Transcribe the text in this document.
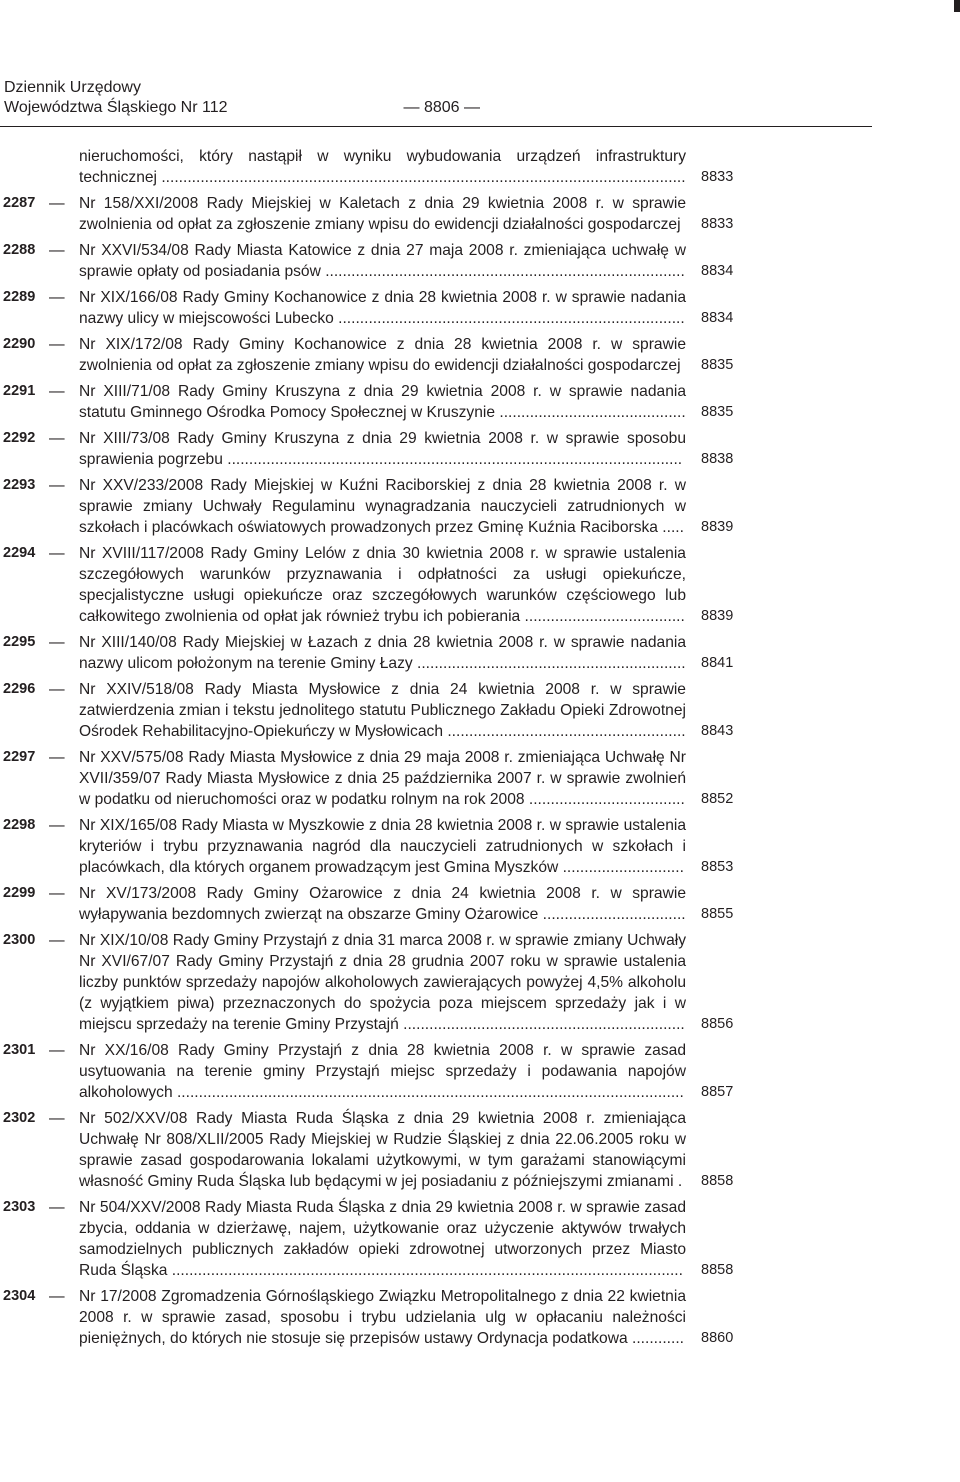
Dziennik Urzędowy
Województwa Śląskiego Nr 112	— 8806 —
nieruchomości, który nastąpił w wyniku wybudowania urządzeń infrastruktury technicznej ......................................................................................................................... 8833
2287 — Nr 158/XXI/2008 Rady Miejskiej w Kaletach z dnia 29 kwietnia 2008 r. w sprawie zwolnienia od opłat za zgłoszenie zmiany wpisu do ewidencji działalności gospodarczej	8833
2288 — Nr XXVI/534/08 Rady Miasta Katowice z dnia 27 maja 2008 r. zmieniająca uchwałę w sprawie opłaty od posiadania psów ................................................................................... 8834
2289 — Nr XIX/166/08 Rady Gminy Kochanowice z dnia 28 kwietnia 2008 r. w sprawie nadania nazwy ulicy w miejscowości Lubecko ................................................................................ 8834
2290 — Nr XIX/172/08 Rady Gminy Kochanowice z dnia 28 kwietnia 2008 r. w sprawie zwolnienia od opłat za zgłoszenie zmiany wpisu do ewidencji działalności gospodarczej	8835
2291 — Nr XIII/71/08 Rady Gminy Kruszyna z dnia 29 kwietnia 2008 r. w sprawie nadania statutu Gminnego Ośrodka Pomocy Społecznej w Kruszynie ........................................... 8835
2292 — Nr XIII/73/08 Rady Gminy Kruszyna z dnia 29 kwietnia 2008 r. w sprawie sposobu sprawienia pogrzebu ......................................................................................................... 8838
2293 — Nr XXV/233/2008 Rady Miejskiej w Kuźni Raciborskiej z dnia 28 kwietnia 2008 r. w sprawie zmiany Uchwały Regulaminu wynagradzania nauczycieli zatrudnionych w szkołach i placówkach oświatowych prowadzonych przez Gminę Kuźnia Raciborska ..... 8839
2294 — Nr XVIII/117/2008 Rady Gminy Lelów z dnia 30 kwietnia 2008 r. w sprawie ustalenia szczegółowych warunków przyznawania i odpłatności za usługi opiekuńcze, specjalistyczne usługi opiekuńcze oraz szczegółowych warunków częściowego lub całkowitego zwolnienia od opłat jak również trybu ich pobierania ..................................... 8839
2295 — Nr XIII/140/08 Rady Miejskiej w Łazach z dnia 28 kwietnia 2008 r. w sprawie nadania nazwy ulicom położonym na terenie Gminy Łazy .............................................................. 8841
2296 — Nr XXIV/518/08 Rady Miasta Mysłowice z dnia 24 kwietnia 2008 r. w sprawie zatwierdzenia zmian i tekstu jednolitego statutu Publicznego Zakładu Opieki Zdrowotnej Ośrodek Rehabilitacyjno-Opiekuńczy w Mysłowicach ....................................................... 8843
2297 — Nr XXV/575/08 Rady Miasta Mysłowice z dnia 29 maja 2008 r. zmieniająca Uchwałę Nr XVII/359/07 Rady Miasta Mysłowice z dnia 25 października 2007 r. w sprawie zwolnień w podatku od nieruchomości oraz w podatku rolnym na rok 2008 .................................... 8852
2298 — Nr XIX/165/08 Rady Miasta w Myszkowie z dnia 28 kwietnia 2008 r. w sprawie ustalenia kryteriów i trybu przyznawania nagród dla nauczycieli zatrudnionych w szkołach i placówkach, dla których organem prowadzącym jest Gmina Myszków ............................ 8853
2299 — Nr XV/173/2008 Rady Gminy Ożarowice z dnia 24 kwietnia 2008 r. w sprawie wyłapywania bezdomnych zwierząt na obszarze Gminy Ożarowice ................................. 8855
2300 — Nr XIX/10/08 Rady Gminy Przystajń z dnia 31 marca 2008 r. w sprawie zmiany Uchwały Nr XVI/67/07 Rady Gminy Przystajń z dnia 28 grudnia 2007 roku w sprawie ustalenia liczby punktów sprzedaży napojów alkoholowych zawierających powyżej 4,5% alkoholu (z wyjątkiem piwa) przeznaczonych do spożycia poza miejscem sprzedaży jak i w miejscu sprzedaży na terenie Gminy Przystajń ................................................................. 8856
2301 — Nr XX/16/08 Rady Gminy Przystajń z dnia 28 kwietnia 2008 r. w sprawie zasad usytuowania na terenie gminy Przystajń miejsc sprzedaży i podawania napojów alkoholowych ..................................................................................................................... 8857
2302 — Nr 502/XXV/08 Rady Miasta Ruda Śląska z dnia 29 kwietnia 2008 r. zmieniająca Uchwałę Nr 808/XLII/2005 Rady Miejskiej w Rudzie Śląskiej z dnia 22.06.2005 roku w sprawie zasad gospodarowania lokalami użytkowymi, w tym garażami stanowiącymi własność Gminy Ruda Śląska lub będącymi w jej posiadaniu z późniejszymi zmianami . 8858
2303 — Nr 504/XXV/2008 Rady Miasta Ruda Śląska z dnia 29 kwietnia 2008 r. w sprawie zasad zbycia, oddania w dzierżawę, najem, użytkowanie oraz użyczenie aktywów trwałych samodzielnych publicznych zakładów opieki zdrowotnej utworzonych przez Miasto Ruda Śląska ...................................................................................................................... 8858
2304 — Nr 17/2008 Zgromadzenia Górnośląskiego Związku Metropolitalnego z dnia 22 kwietnia 2008 r. w sprawie zasad, sposobu i trybu udzielania ulg w opłacaniu należności pieniężnych, do których nie stosuje się przepisów ustawy Ordynacja podatkowa ............ 8860
